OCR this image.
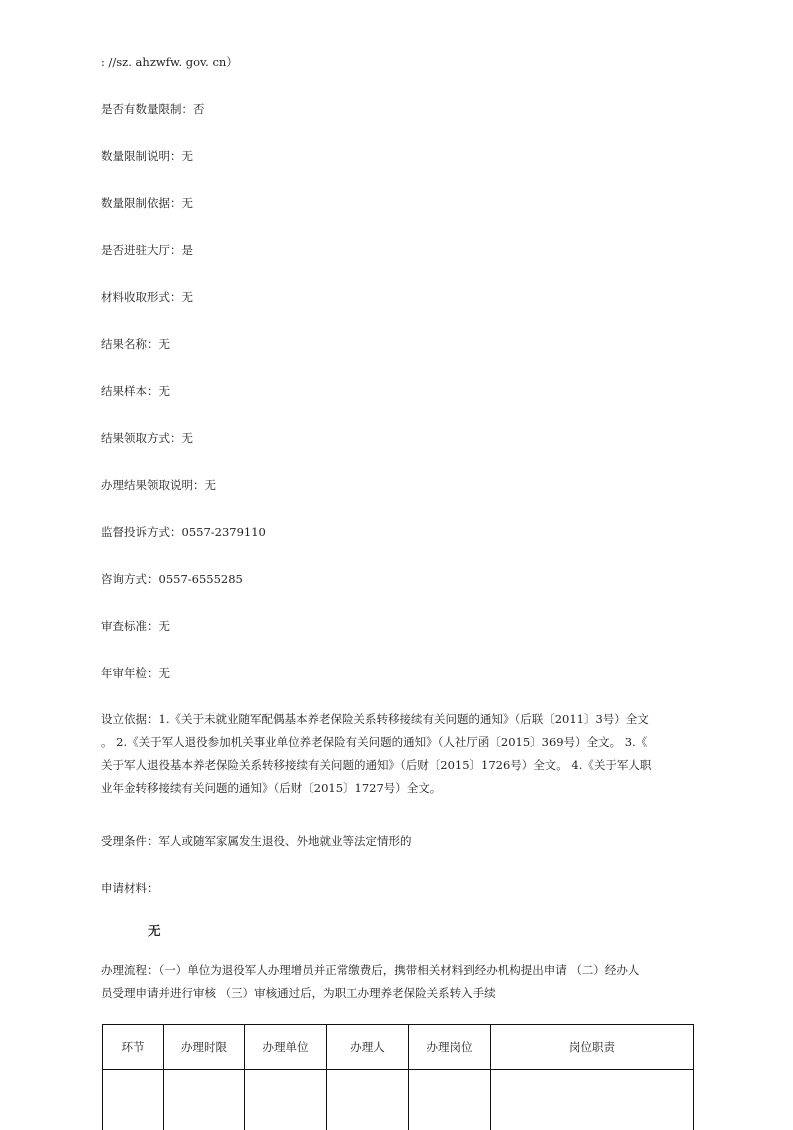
: //sz. ahzwfw. gov. cn）
是否有数量限制：否
数量限制说明：无
数量限制依据：无
是否进驻大厅：是
材料收取形式：无
结果名称：无
结果样本：无
结果领取方式：无
办理结果领取说明：无
监督投诉方式：0557-2379110
咨询方式：0557-6555285
审查标准：无
年审年检：无
设立依据：1.《关于未就业随军配偶基本养老保险关系转移接续有关问题的通知》（后联〔2011〕3号）全文
。 2.《关于军人退役参加机关事业单位养老保险有关问题的通知》（人社厅函〔2015〕369号）全文。 3.《
关于军人退役基本养老保险关系转移接续有关问题的通知》（后财〔2015〕1726号）全文。 4.《关于军人职
业年金转移接续有关问题的通知》（后财〔2015〕1727号）全文。
受理条件：军人或随军家属发生退役、外地就业等法定情形的
申请材料：
无
办理流程：（一）单位为退役军人办理增员并正常缴费后，携带相关材料到经办机构提出申请 （二）经办人
员受理申请并进行审核 （三）审核通过后，为职工办理养老保险关系转入手续
环节	办理时限	办理单位	办理人	办理岗位	岗位职责
